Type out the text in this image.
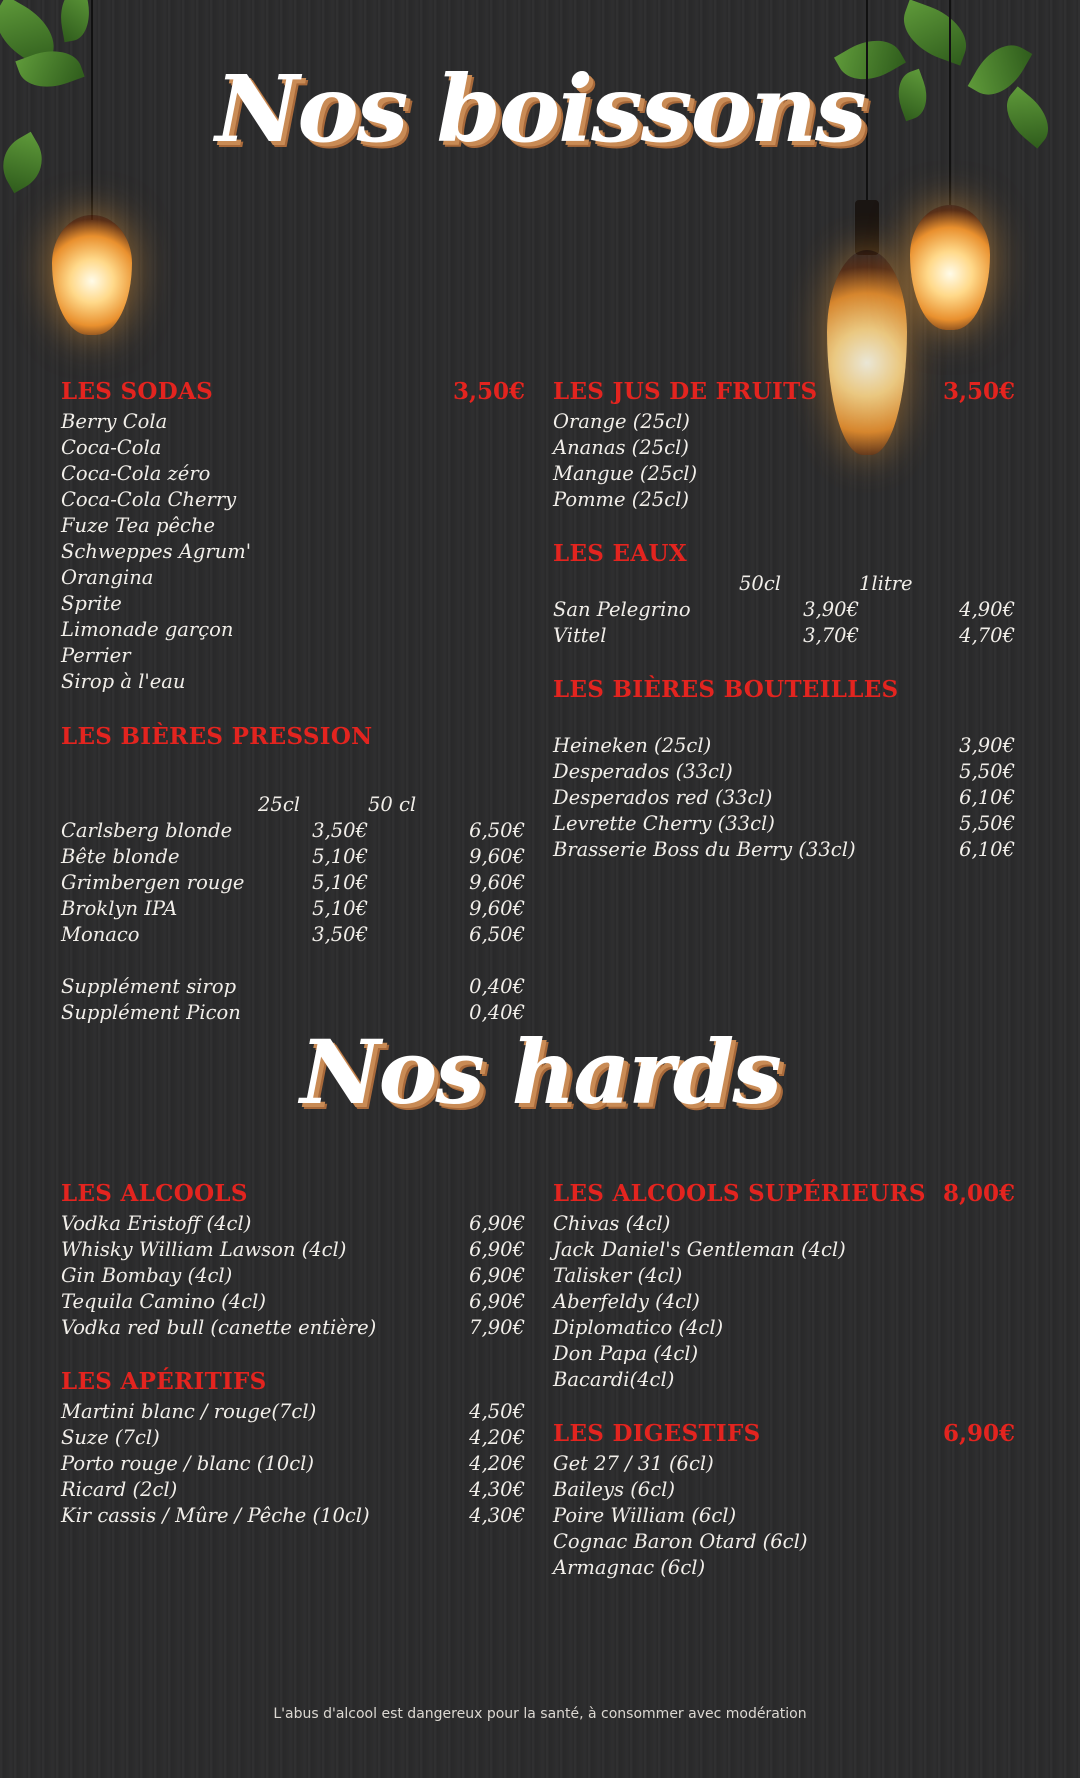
Nos boissons
Nos hards
LES SODAS	3,50€
Berry Cola
Coca-Cola
Coca-Cola zéro
Coca-Cola Cherry
Fuze Tea pêche
Schweppes Agrum'
Orangina
Sprite
Limonade garçon
Perrier
Sirop à l'eau
LES JUS DE FRUITS	3,50€
Orange (25cl)
Ananas (25cl)
Mangue (25cl)
Pomme (25cl)
LES EAUX
50cl	1litre
San Pelegrino	3,90€	4,90€
Vittel	3,70€	4,70€
LES BIÈRES BOUTEILLES
Heineken (25cl)	3,90€
Desperados (33cl)	5,50€
Desperados red (33cl)	6,10€
Levrette Cherry (33cl)	5,50€
Brasserie Boss du Berry (33cl)	6,10€
LES BIÈRES PRESSION
25cl	50 cl
Carlsberg blonde	3,50€	6,50€
Bête blonde	5,10€	9,60€
Grimbergen rouge	5,10€	9,60€
Broklyn IPA	5,10€	9,60€
Monaco	3,50€	6,50€
Supplément sirop	0,40€
Supplément Picon	0,40€
LES ALCOOLS
Vodka Eristoff (4cl)	6,90€
Whisky William Lawson (4cl)	6,90€
Gin Bombay (4cl)	6,90€
Tequila Camino (4cl)	6,90€
Vodka red bull (canette entière)	7,90€
LES APÉRITIFS
Martini blanc / rouge(7cl)	4,50€
Suze (7cl)	4,20€
Porto rouge / blanc (10cl)	4,20€
Ricard (2cl)	4,30€
Kir cassis / Mûre / Pêche (10cl)	4,30€
LES ALCOOLS SUPÉRIEURS 8,00€
Chivas (4cl)
Jack Daniel's Gentleman (4cl)
Talisker (4cl)
Aberfeldy (4cl)
Diplomatico (4cl)
Don Papa (4cl)
Bacardi(4cl)
LES DIGESTIFS	6,90€
Get 27 / 31 (6cl)
Baileys (6cl)
Poire William (6cl)
Cognac Baron Otard (6cl)
Armagnac (6cl)
L'abus d'alcool est dangereux pour la santé, à consommer avec modération
